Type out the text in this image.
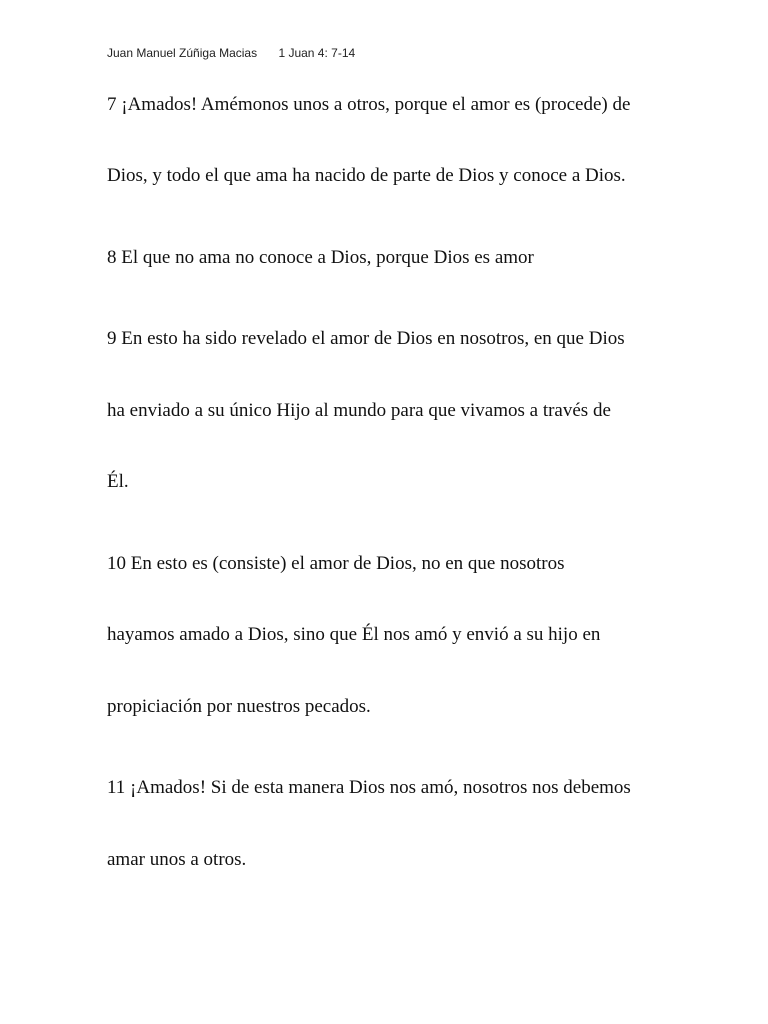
Juan Manuel Zúñiga Macias 1 Juan 4: 7-14
7 ¡Amados! Amémonos unos a otros, porque el amor es (procede) de
Dios, y todo el que ama ha nacido de parte de Dios y conoce a Dios.
8 El que no ama no conoce a Dios, porque Dios es amor
9 En esto ha sido revelado el amor de Dios en nosotros, en que Dios
ha enviado a su único Hijo al mundo para que vivamos a través de
Él.
10 En esto es (consiste) el amor de Dios, no en que nosotros
hayamos amado a Dios, sino que Él nos amó y envió a su hijo en
propiciación por nuestros pecados.
11 ¡Amados! Si de esta manera Dios nos amó, nosotros nos debemos
amar unos a otros.
